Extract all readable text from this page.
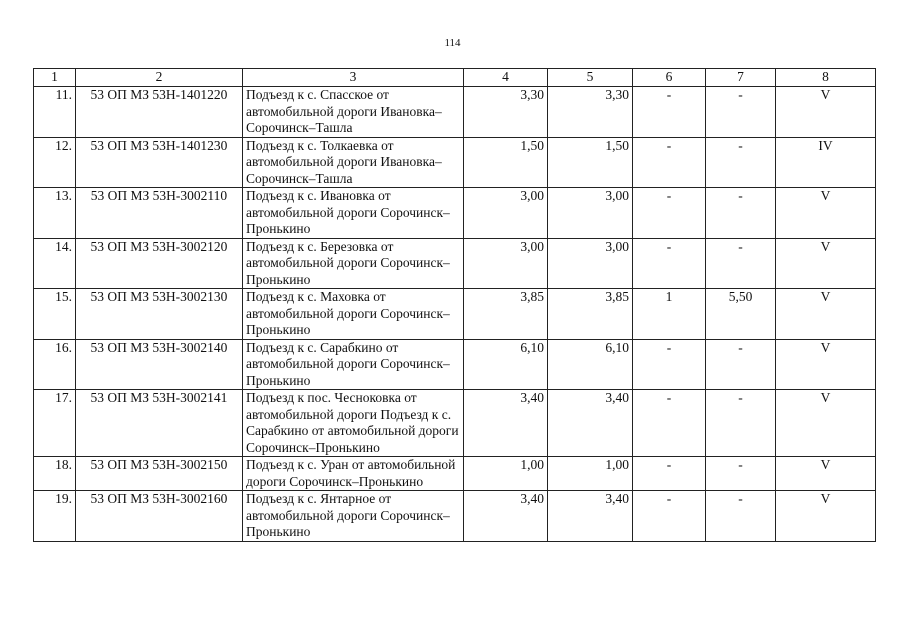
114
1	2	3	4	5	6	7	8
11.	53 ОП МЗ 53Н-1401220	Подъезд к с. Спасское от автомобильной дороги Ивановка–Сорочинск–Ташла	3,30	3,30	-	-	V
12.	53 ОП МЗ 53Н-1401230	Подъезд к с. Толкаевка от автомобильной дороги Ивановка–Сорочинск–Ташла	1,50	1,50	-	-	IV
13.	53 ОП МЗ 53Н-3002110	Подъезд к с. Ивановка от автомобильной дороги Сорочинск–Пронькино	3,00	3,00	-	-	V
14.	53 ОП МЗ 53Н-3002120	Подъезд к с. Березовка от автомобильной дороги Сорочинск–Пронькино	3,00	3,00	-	-	V
15.	53 ОП МЗ 53Н-3002130	Подъезд к с. Маховка от автомобильной дороги Сорочинск–Пронькино	3,85	3,85	1	5,50	V
16.	53 ОП МЗ 53Н-3002140	Подъезд к с. Сарабкино от автомобильной дороги Сорочинск–Пронькино	6,10	6,10	-	-	V
17.	53 ОП МЗ 53Н-3002141	Подъезд к пос. Чесноковка от автомобильной дороги Подъезд к с. Сарабкино от автомобильной дороги Сорочинск–Пронькино	3,40	3,40	-	-	V
18.	53 ОП МЗ 53Н-3002150	Подъезд к с. Уран от автомобильной дороги Сорочинск–Пронькино	1,00	1,00	-	-	V
19.	53 ОП МЗ 53Н-3002160	Подъезд к с. Янтарное от автомобильной дороги Сорочинск–Пронькино	3,40	3,40	-	-	V
